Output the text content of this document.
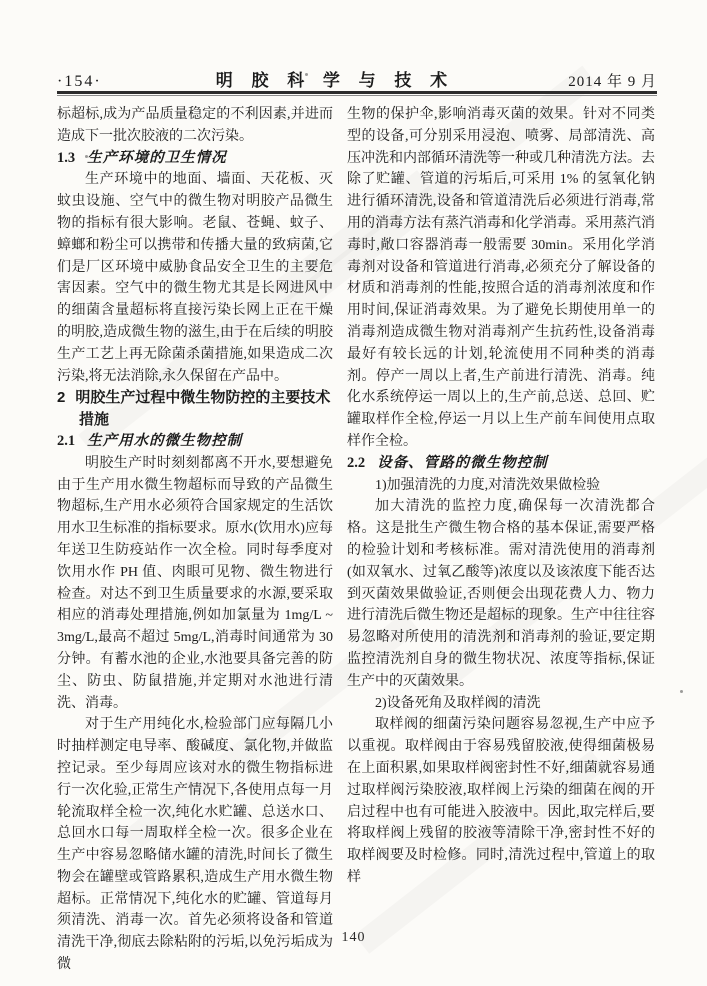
·154·	明 胶 科 学 与 技 术	2014 年 9 月

标超标,成为产品质量稳定的不利因素,并进而造成下一批次胶液的二次污染。

1.3 生产环境的卫生情况

生产环境中的地面、墙面、天花板、灭蚊虫设施、空气中的微生物对明胶产品微生物的指标有很大影响。老鼠、苍蝇、蚊子、蟑螂和粉尘可以携带和传播大量的致病菌,它们是厂区环境中威胁食品安全卫生的主要危害因素。空气中的微生物尤其是长网进风中的细菌含量超标将直接污染长网上正在干燥的明胶,造成微生物的滋生,由于在后续的明胶生产工艺上再无除菌杀菌措施,如果造成二次污染,将无法消除,永久保留在产品中。

2 明胶生产过程中微生物防控的主要技术措施
2.1 生产用水的微生物控制

明胶生产时时刻刻都离不开水,要想避免由于生产用水微生物超标而导致的产品微生物超标,生产用水必须符合国家规定的生活饮用水卫生标准的指标要求。原水(饮用水)应每年送卫生防疫站作一次全检。同时每季度对饮用水作 PH 值、肉眼可见物、微生物进行检查。对达不到卫生质量要求的水源,要采取相应的消毒处理措施,例如加氯量为 1mg/L ~ 3mg/L,最高不超过 5mg/L,消毒时间通常为 30 分钟。有蓄水池的企业,水池要具备完善的防尘、防虫、防鼠措施,并定期对水池进行清洗、消毒。

对于生产用纯化水,检验部门应每隔几小时抽样测定电导率、酸碱度、氯化物,并做监控记录。至少每周应该对水的微生物指标进行一次化验,正常生产情况下,各使用点每一月轮流取样全检一次,纯化水贮罐、总送水口、总回水口每一周取样全检一次。很多企业在生产中容易忽略储水罐的清洗,时间长了微生物会在罐壁或管路累积,造成生产用水微生物超标。正常情况下,纯化水的贮罐、管道每月须清洗、消毒一次。首先必须将设备和管道清洗干净,彻底去除粘附的污垢,以免污垢成为微

生物的保护伞,影响消毒灭菌的效果。针对不同类型的设备,可分别采用浸泡、喷雾、局部清洗、高压冲洗和内部循环清洗等一种或几种清洗方法。去除了贮罐、管道的污垢后,可采用 1% 的氢氧化钠进行循环清洗,设备和管道清洗后必须进行消毒,常用的消毒方法有蒸汽消毒和化学消毒。采用蒸汽消毒时,敞口容器消毒一般需要 30min。采用化学消毒剂对设备和管道进行消毒,必须充分了解设备的材质和消毒剂的性能,按照合适的消毒剂浓度和作用时间,保证消毒效果。为了避免长期使用单一的消毒剂造成微生物对消毒剂产生抗药性,设备消毒最好有较长远的计划,轮流使用不同种类的消毒剂。停产一周以上者,生产前进行清洗、消毒。纯化水系统停运一周以上的,生产前,总送、总回、贮罐取样作全检,停运一月以上生产前车间使用点取样作全检。

2.2 设备、管路的微生物控制

1)加强清洗的力度,对清洗效果做检验

加大清洗的监控力度,确保每一次清洗都合格。这是批生产微生物合格的基本保证,需要严格的检验计划和考核标准。需对清洗使用的消毒剂(如双氧水、过氧乙酸等)浓度以及该浓度下能否达到灭菌效果做验证,否则便会出现花费人力、物力进行清洗后微生物还是超标的现象。生产中往往容易忽略对所使用的清洗剂和消毒剂的验证,要定期监控清洗剂自身的微生物状况、浓度等指标,保证生产中的灭菌效果。

2)设备死角及取样阀的清洗

取样阀的细菌污染问题容易忽视,生产中应予以重视。取样阀由于容易残留胶液,使得细菌极易在上面积累,如果取样阀密封性不好,细菌就容易通过取样阀污染胶液,取样阀上污染的细菌在阀的开启过程中也有可能进入胶液中。因此,取完样后,要将取样阀上残留的胶液等清除干净,密封性不好的取样阀要及时检修。同时,清洗过程中,管道上的取样

140
